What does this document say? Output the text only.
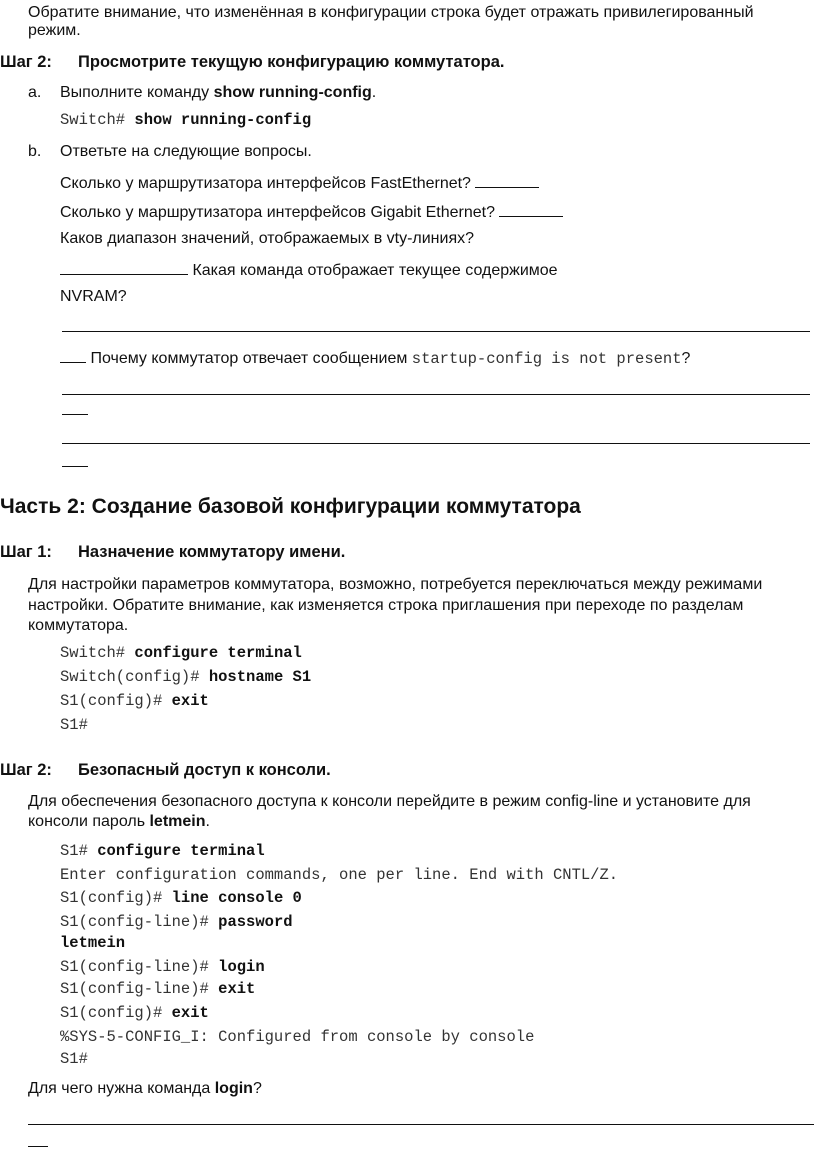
Обратите внимание, что изменённая в конфигурации строка будет отражать привилегированный
режим.
Шаг 2: Просмотрите текущую конфигурацию коммутатора.
a. Выполните команду show running-config.
Switch# show running-config
b. Ответьте на следующие вопросы.
Сколько у маршрутизатора интерфейсов FastEthernet?
Сколько у маршрутизатора интерфейсов Gigabit Ethernet?
Каков диапазон значений, отображаемых в vty-линиях?
Какая команда отображает текущее содержимое
NVRAM?
Почему коммутатор отвечает сообщением startup-config is not present?
Часть 2: Создание базовой конфигурации коммутатора
Шаг 1: Назначение коммутатору имени.
Для настройки параметров коммутатора, возможно, потребуется переключаться между режимами
настройки. Обратите внимание, как изменяется строка приглашения при переходе по разделам
коммутатора.
Switch# configure terminal
Switch(config)# hostname S1
S1(config)# exit
S1#
Шаг 2: Безопасный доступ к консоли.
Для обеспечения безопасного доступа к консоли перейдите в режим config-line и установите для
консоли пароль letmein.
S1# configure terminal
Enter configuration commands, one per line. End with CNTL/Z.
S1(config)# line console 0
S1(config-line)# password
letmein
S1(config-line)# login
S1(config-line)# exit
S1(config)# exit
%SYS-5-CONFIG_I: Configured from console by console
S1#
Для чего нужна команда login?
